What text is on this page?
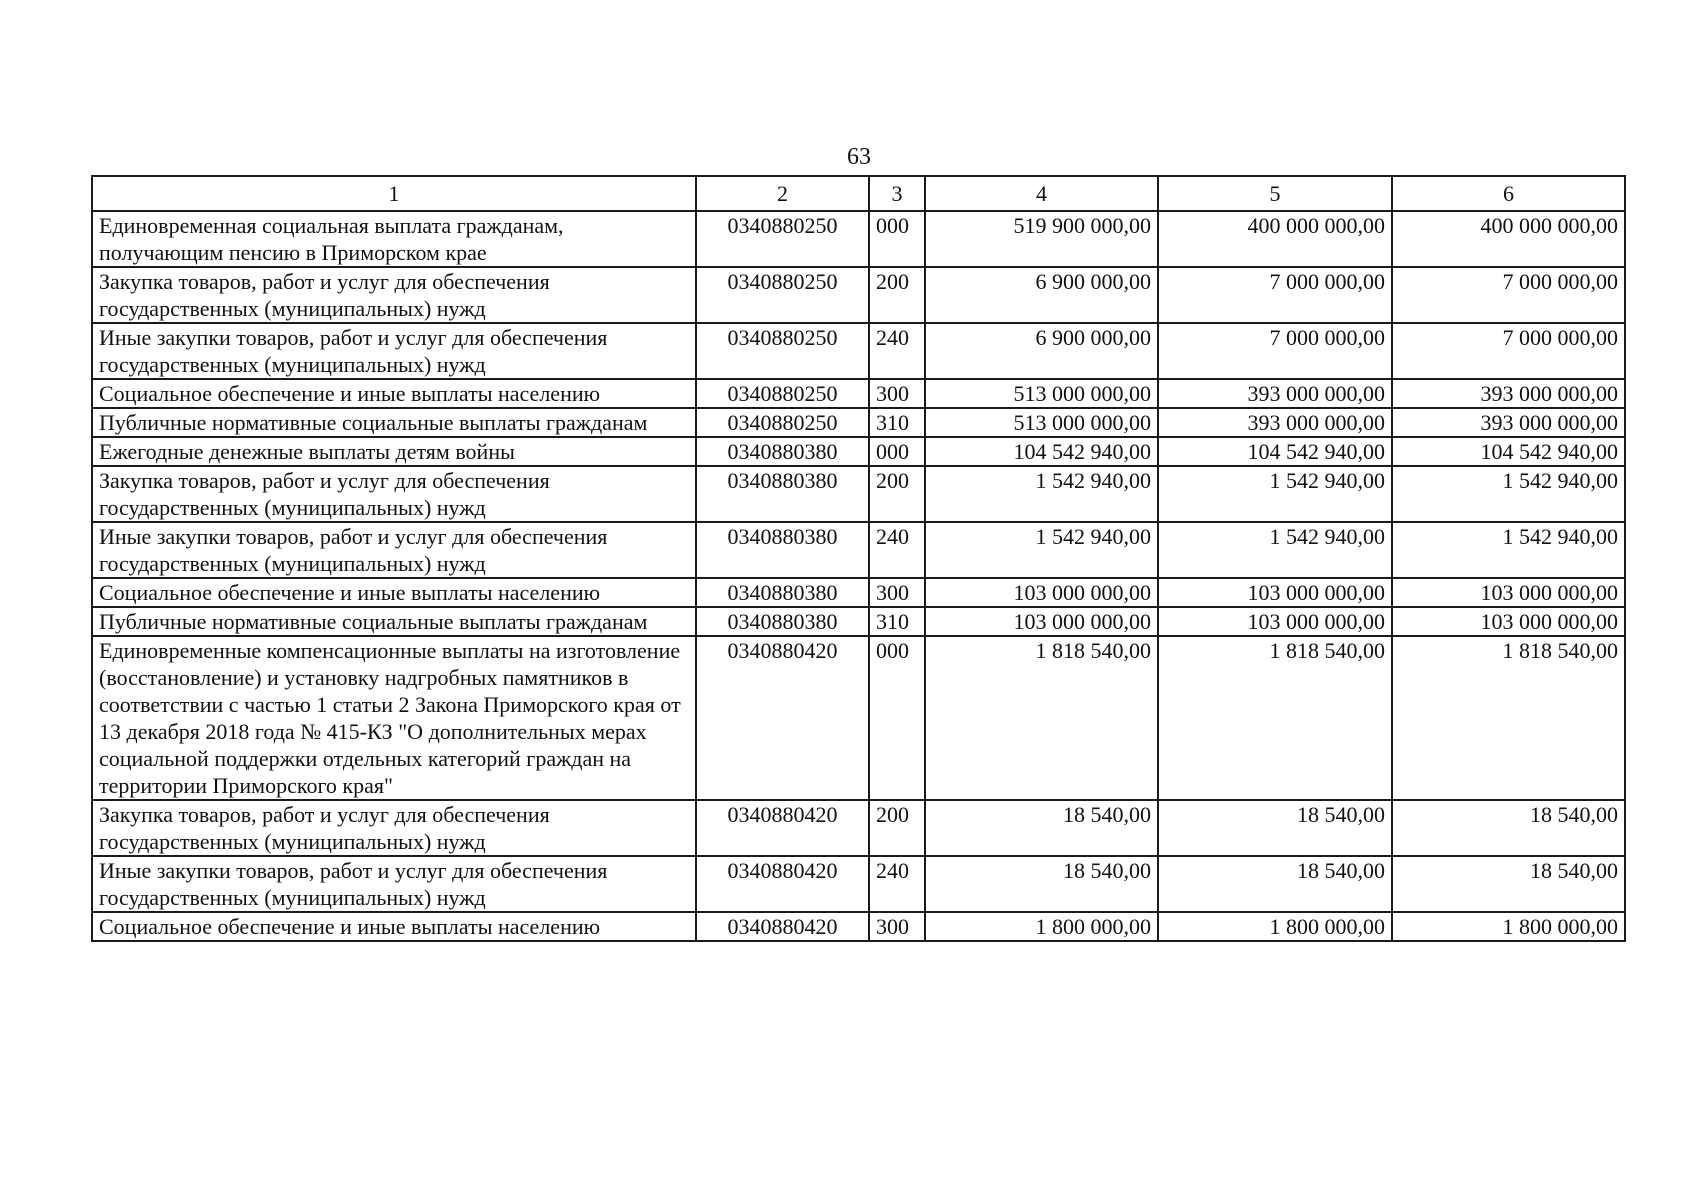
63
1	2	3	4	5	6
Единовременная социальная выплата гражданам, получающим пенсию в Приморском крае	0340880250	000	519 900 000,00	400 000 000,00	400 000 000,00
Закупка товаров, работ и услуг для обеспечения государственных (муниципальных) нужд	0340880250	200	6 900 000,00	7 000 000,00	7 000 000,00
Иные закупки товаров, работ и услуг для обеспечения государственных (муниципальных) нужд	0340880250	240	6 900 000,00	7 000 000,00	7 000 000,00
Социальное обеспечение и иные выплаты населению	0340880250	300	513 000 000,00	393 000 000,00	393 000 000,00
Публичные нормативные социальные выплаты гражданам	0340880250	310	513 000 000,00	393 000 000,00	393 000 000,00
Ежегодные денежные выплаты детям войны	0340880380	000	104 542 940,00	104 542 940,00	104 542 940,00
Закупка товаров, работ и услуг для обеспечения государственных (муниципальных) нужд	0340880380	200	1 542 940,00	1 542 940,00	1 542 940,00
Иные закупки товаров, работ и услуг для обеспечения государственных (муниципальных) нужд	0340880380	240	1 542 940,00	1 542 940,00	1 542 940,00
Социальное обеспечение и иные выплаты населению	0340880380	300	103 000 000,00	103 000 000,00	103 000 000,00
Публичные нормативные социальные выплаты гражданам	0340880380	310	103 000 000,00	103 000 000,00	103 000 000,00
Единовременные компенсационные выплаты на изготовление (восстановление) и установку надгробных памятников в соответствии с частью 1 статьи 2 Закона Приморского края от 13 декабря 2018 года № 415-КЗ "О дополнительных мерах социальной поддержки отдельных категорий граждан на территории Приморского края"	0340880420	000	1 818 540,00	1 818 540,00	1 818 540,00
Закупка товаров, работ и услуг для обеспечения государственных (муниципальных) нужд	0340880420	200	18 540,00	18 540,00	18 540,00
Иные закупки товаров, работ и услуг для обеспечения государственных (муниципальных) нужд	0340880420	240	18 540,00	18 540,00	18 540,00
Социальное обеспечение и иные выплаты населению	0340880420	300	1 800 000,00	1 800 000,00	1 800 000,00
